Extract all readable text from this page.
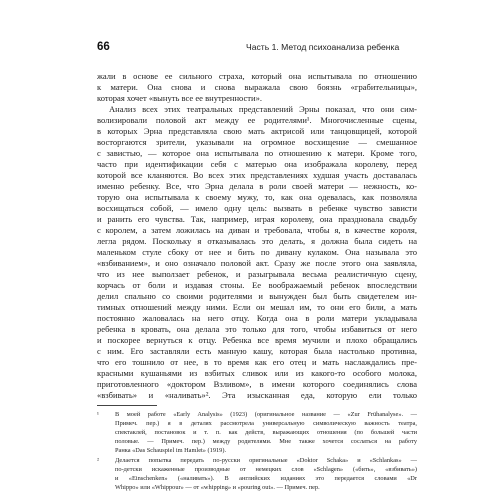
66	Часть 1. Метод психоанализа ребенка
жали в основе ее сильного страха, который она испытывала по отношению
к матери. Она снова и снова выражала свою боязнь «грабительницы»,
которая хочет «вынуть все ее внутренности».
Анализ всех этих театральных представлений Эрны показал, что они сим-
волизировали половой акт между ее родителями¹. Многочисленные сцены,
в которых Эрна представляла свою мать актрисой или танцовщицей, которой
восторгаются зрители, указывали на огромное восхищение — смешанное
с завистью, — которое она испытывала по отношению к матери. Кроме того,
часто при идентификации себя с матерью она изображала королеву, перед
которой все кланяются. Во всех этих представлениях худшая участь доставалась
именно ребенку. Все, что Эрна делала в роли своей матери — нежность, ко-
торую она испытывала к своему мужу, то, как она одевалась, как позволяла
восхищаться собой, — имело одну цель: вызвать в ребенке чувство зависти
и ранить его чувства. Так, например, играя королеву, она праздновала свадьбу
с королем, а затем ложилась на диван и требовала, чтобы я, в качестве короля,
легла рядом. Поскольку я отказывалась это делать, я должна была сидеть на
маленьком стуле сбоку от нее и бить по дивану кулаком. Она называла это
«взбиванием», и оно означало половой акт. Сразу же после этого она заявляла,
что из нее выползает ребенок, и разыгрывала весьма реалистичную сцену,
корчась от боли и издавая стоны. Ее воображаемый ребенок впоследствии
делил спальню со своими родителями и вынужден был быть свидетелем ин-
тимных отношений между ними. Если он мешал им, то они его били, а мать
постоянно жаловалась на него отцу. Когда она в роли матери укладывала
ребенка в кровать, она делала это только для того, чтобы избавиться от него
и поскорее вернуться к отцу. Ребенка все время мучили и плохо обращались
с ним. Его заставляли есть манную кашу, которая была настолько противна,
что его тошнило от нее, в то время как его отец и мать наслаждались пре-
красными кушаньями из взбитых сливок или из какого-то особого молока,
приготовленного «доктором Взливом», в имени которого соединялись слова
«взбивать» и «наливать»². Эта изысканная еда, которую ели только
¹	В моей работе «Early Analysis» (1923) (оригинальное название — «Zur Frühanalyse». —
Примеч. пер.) я в деталях рассмотрела универсальную символическую важность театра,
спектаклей, постановок и т. п. как действ, выражающих отношения (по большей части
половые. — Примеч. пер.) между родителями. Мне также хочется сослаться на работу
Ранка «Das Schauspiel im Hamlet» (1919).
²	Делается попытка передать по-русски оригинальные «Doktor Schaka» и «Schlankas» —
по-детски искаженные производные от немецких слов «Schlagen» («бить», «взбивать»)
и «Einschenken» («наливать»). В английских изданиях это передается словами «Dr
Whippo» или «Whippour» — от «whipping» и «pouring out». — Примеч. пер.
